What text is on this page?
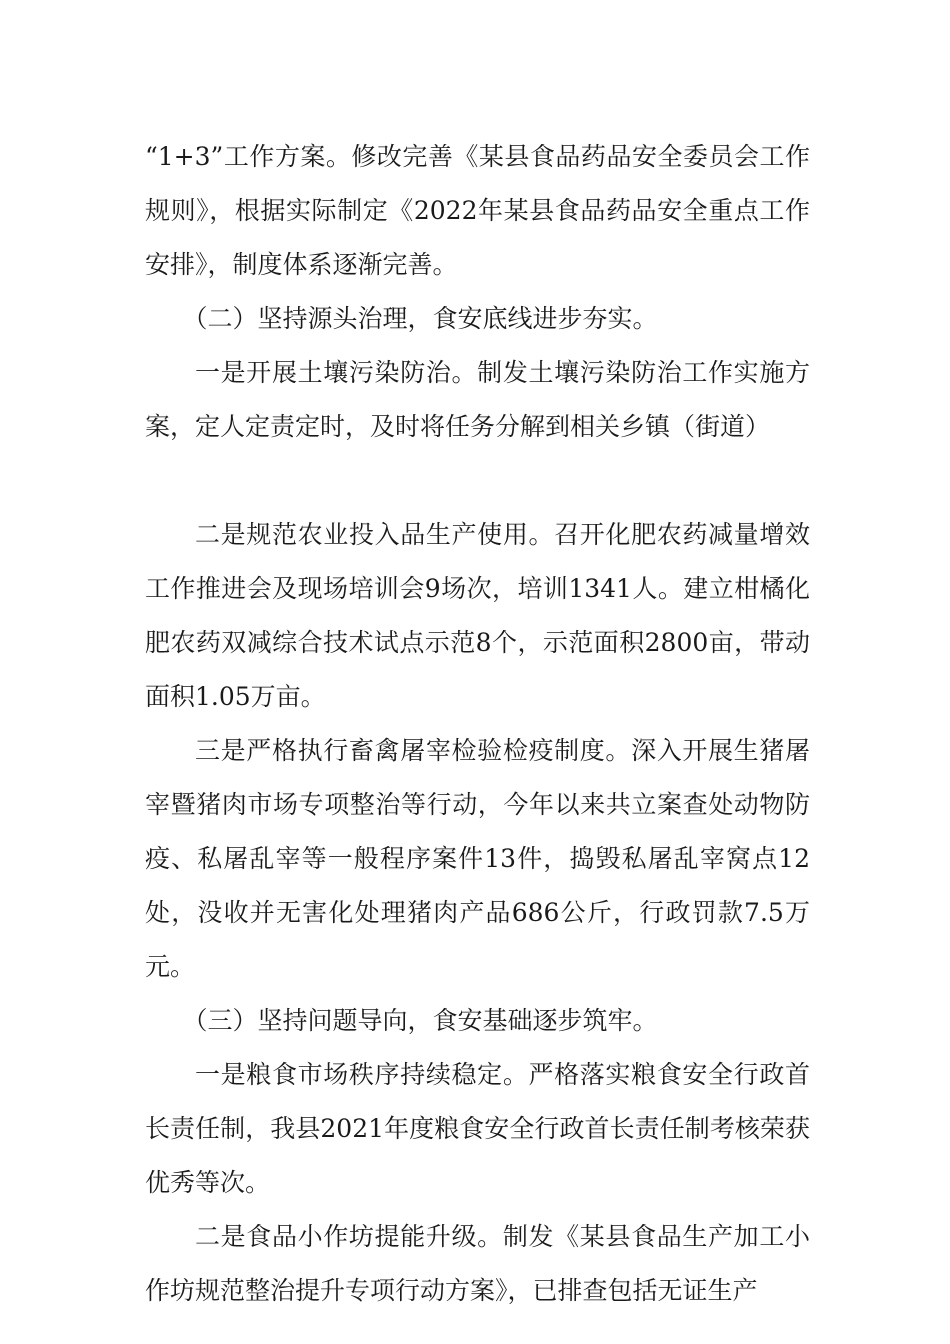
“1+3”工作方案。修改完善《某县食品药品安全委员会工作规则》，根据实际制定《2022年某县食品药品安全重点工作安排》，制度体系逐渐完善。

（二）坚持源头治理，食安底线进步夯实。

一是开展土壤污染防治。制发土壤污染防治工作实施方案，定人定责定时，及时将任务分解到相关乡镇（街道）

二是规范农业投入品生产使用。召开化肥农药减量增效工作推进会及现场培训会9场次，培训1341人。建立柑橘化肥农药双减综合技术试点示范8个，示范面积2800亩，带动面积1.05万亩。

三是严格执行畜禽屠宰检验检疫制度。深入开展生猪屠宰暨猪肉市场专项整治等行动，今年以来共立案查处动物防疫、私屠乱宰等一般程序案件13件，捣毁私屠乱宰窝点12处，没收并无害化处理猪肉产品686公斤，行政罚款7.5万元。

（三）坚持问题导向，食安基础逐步筑牢。

一是粮食市场秩序持续稳定。严格落实粮食安全行政首长责任制，我县2021年度粮食安全行政首长责任制考核荣获优秀等次。

二是食品小作坊提能升级。制发《某县食品生产加工小作坊规范整治提升专项行动方案》，已排查包括无证生产
